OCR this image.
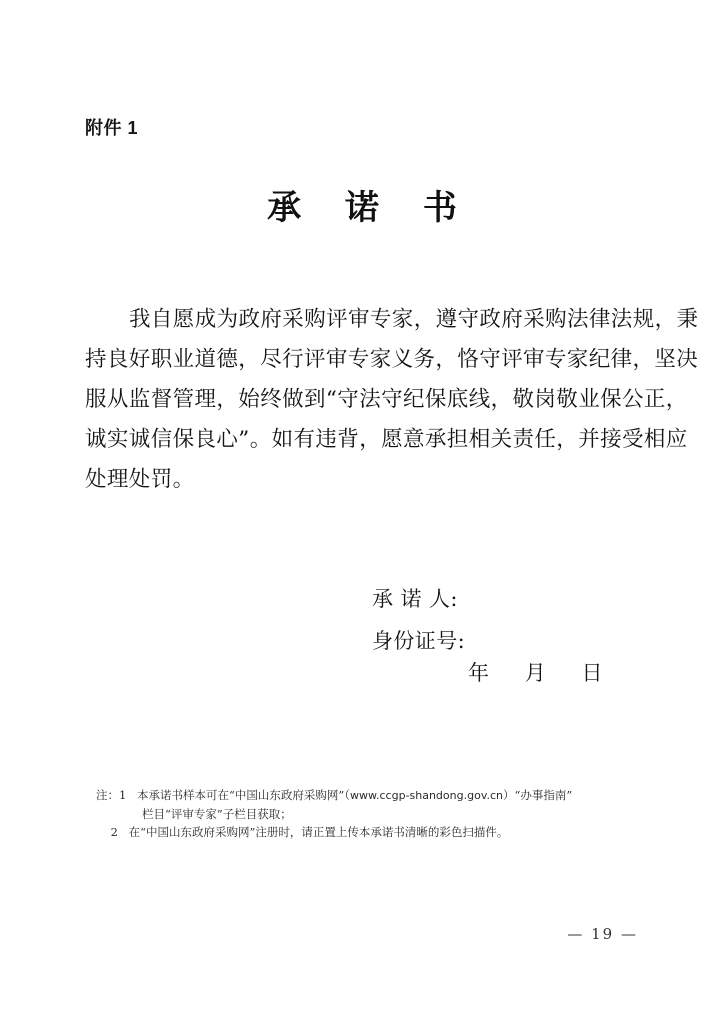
附件 1
承 诺 书
我自愿成为政府采购评审专家，遵守政府采购法律法规，秉
持良好职业道德，尽行评审专家义务，恪守评审专家纪律，坚决
服从监督管理，始终做到“守法守纪保底线，敬岗敬业保公正，
诚实诚信保良心”。如有违背，愿意承担相关责任，并接受相应
处理处罚。
承 诺 人:
身份证号:
年     月     日
注： 1 本承诺书样本可在“中国山东政府采购网”（www.ccgp-shandong.gov.cn）“办事指南”
栏目“评审专家”子栏目获取；

2 在“中国山东政府采购网”注册时，请正置上传本承诺书清晰的彩色扫描件。
— 19 —
